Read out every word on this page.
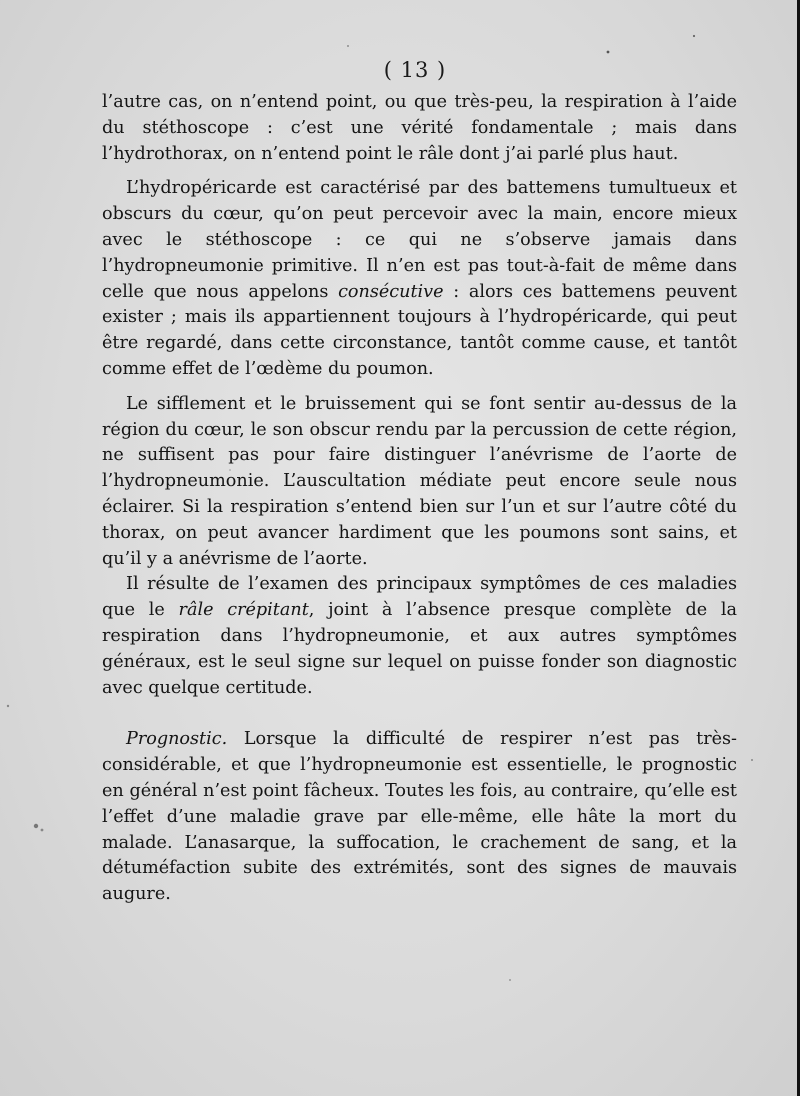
( 13 )

l’autre cas, on n’entend point, ou que très-peu, la respiration à l’aide du stéthoscope : c’est une vérité fondamentale ; mais dans l’hydrothorax, on n’entend point le râle dont j’ai parlé plus haut.

L’hydropéricarde est caractérisé par des battemens tumultueux et obscurs du cœur, qu’on peut percevoir avec la main, encore mieux avec le stéthoscope : ce qui ne s’observe jamais dans l’hydropneumonie primitive. Il n’en est pas tout-à-fait de même dans celle que nous appelons consécutive : alors ces battemens peuvent exister ; mais ils appartiennent toujours à l’hydropéricarde, qui peut être regardé, dans cette circonstance, tantôt comme cause, et tantôt comme effet de l’œdème du poumon.

Le sifflement et le bruissement qui se font sentir au-dessus de la région du cœur, le son obscur rendu par la percussion de cette région, ne suffisent pas pour faire distinguer l’anévrisme de l’aorte de l’hydropneumonie. L’auscultation médiate peut encore seule nous éclairer. Si la respiration s’entend bien sur l’un et sur l’autre côté du thorax, on peut avancer hardiment que les poumons sont sains, et qu’il y a anévrisme de l’aorte.

Il résulte de l’examen des principaux symptômes de ces maladies que le râle crépitant, joint à l’absence presque complète de la respiration dans l’hydropneumonie, et aux autres symptômes généraux, est le seul signe sur lequel on puisse fonder son diagnostic avec quelque certitude.

Prognostic. Lorsque la difficulté de respirer n’est pas très-considérable, et que l’hydropneumonie est essentielle, le prognostic en général n’est point fâcheux. Toutes les fois, au contraire, qu’elle est l’effet d’une maladie grave par elle-même, elle hâte la mort du malade. L’anasarque, la suffocation, le crachement de sang, et la détuméfaction subite des extrémités, sont des signes de mauvais augure.
